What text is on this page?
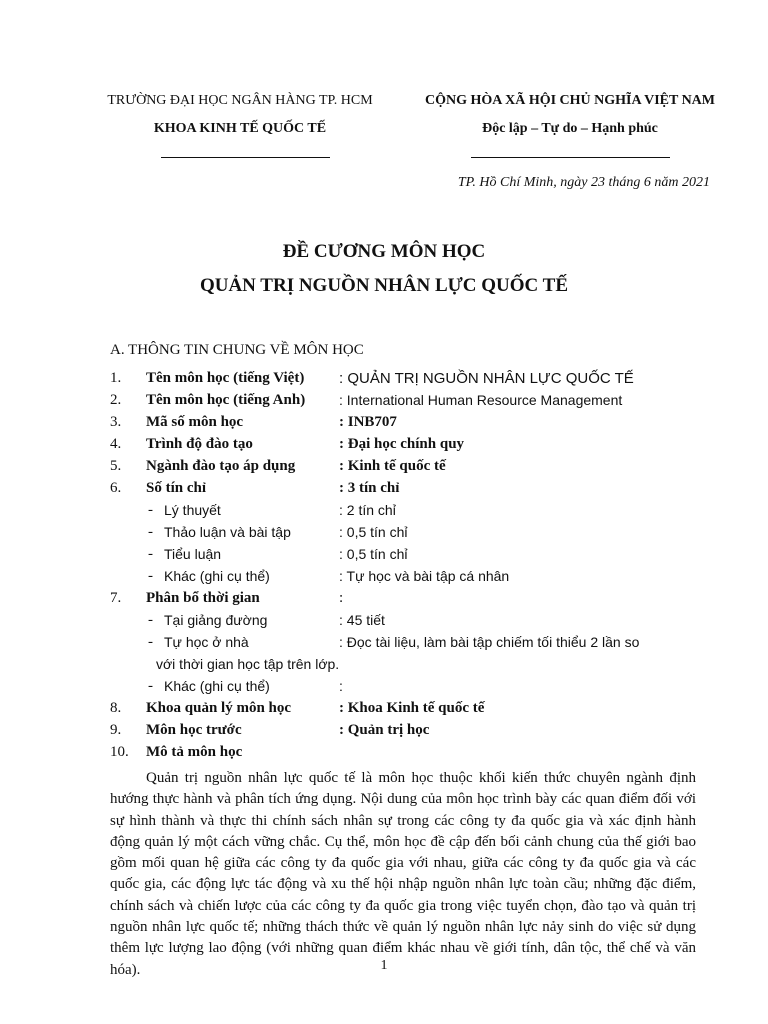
TRƯỜNG ĐẠI HỌC NGÂN HÀNG TP. HCM
KHOA KINH TẾ QUỐC TẾ
CỘNG HÒA XÃ HỘI CHỦ NGHĨA VIỆT NAM
Độc lập – Tự do – Hạnh phúc
TP. Hồ Chí Minh, ngày 23 tháng 6 năm 2021
ĐỀ CƯƠNG MÔN HỌC
QUẢN TRỊ NGUỒN NHÂN LỰC QUỐC TẾ
A. THÔNG TIN CHUNG VỀ MÔN HỌC
1. Tên môn học (tiếng Việt) : QUẢN TRỊ NGUỒN NHÂN LỰC QUỐC TẾ
2. Tên môn học (tiếng Anh) : International Human Resource Management
3. Mã số môn học	: INB707
4. Trình độ đào tạo	: Đại học chính quy
5. Ngành đào tạo áp dụng	: Kinh tế quốc tế
6. Số tín chỉ	: 3 tín chỉ
- Lý thuyết	: 2 tín chỉ
- Thảo luận và bài tập	: 0,5 tín chỉ
- Tiểu luận	: 0,5 tín chỉ
- Khác (ghi cụ thể)	: Tự học và bài tập cá nhân
7. Phân bổ thời gian	:
- Tại giảng đường	: 45 tiết
- Tự học ở nhà	: Đọc tài liệu, làm bài tập chiếm tối thiểu 2 lần so
với thời gian học tập trên lớp.
- Khác (ghi cụ thể)	:
8. Khoa quản lý môn học	: Khoa Kinh tế quốc tế
9. Môn học trước	: Quản trị học
10. Mô tả môn học
Quản trị nguồn nhân lực quốc tế là môn học thuộc khối kiến thức chuyên ngành định hướng thực hành và phân tích ứng dụng. Nội dung của môn học trình bày các quan điểm đối với sự hình thành và thực thi chính sách nhân sự trong các công ty đa quốc gia và xác định hành động quản lý một cách vững chắc. Cụ thể, môn học đề cập đến bối cảnh chung của thế giới bao gồm mối quan hệ giữa các công ty đa quốc gia với nhau, giữa các công ty đa quốc gia và các quốc gia, các động lực tác động và xu thế hội nhập nguồn nhân lực toàn cầu; những đặc điểm, chính sách và chiến lược của các công ty đa quốc gia trong việc tuyển chọn, đào tạo và quản trị nguồn nhân lực quốc tế; những thách thức về quản lý nguồn nhân lực nảy sinh do việc sử dụng thêm lực lượng lao động (với những quan điểm khác nhau về giới tính, dân tộc, thể chế và văn hóa).	1
